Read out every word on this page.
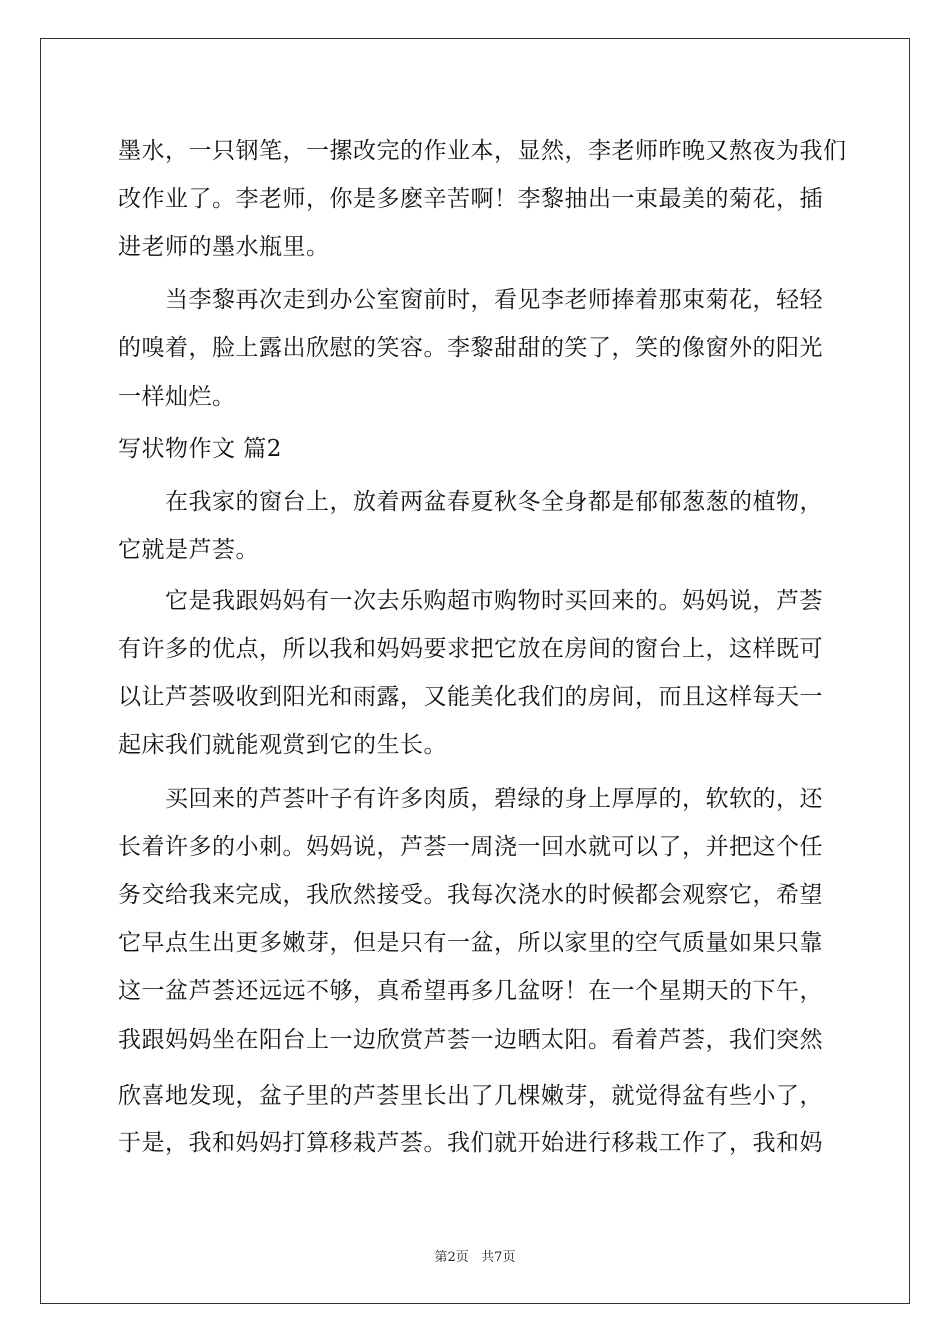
墨水，一只钢笔，一摞改完的作业本，显然，李老师昨晚又熬夜为我们
改作业了。李老师，你是多麽辛苦啊！李黎抽出一束最美的菊花，插
进老师的墨水瓶里。
当李黎再次走到办公室窗前时，看见李老师捧着那束菊花，轻轻
的嗅着，脸上露出欣慰的笑容。李黎甜甜的笑了，笑的像窗外的阳光
一样灿烂。
写状物作文 篇2
在我家的窗台上，放着两盆春夏秋冬全身都是郁郁葱葱的植物，
它就是芦荟。
它是我跟妈妈有一次去乐购超市购物时买回来的。妈妈说，芦荟
有许多的优点，所以我和妈妈要求把它放在房间的窗台上，这样既可
以让芦荟吸收到阳光和雨露，又能美化我们的房间，而且这样每天一
起床我们就能观赏到它的生长。
买回来的芦荟叶子有许多肉质，碧绿的身上厚厚的，软软的，还
长着许多的小刺。妈妈说，芦荟一周浇一回水就可以了，并把这个任
务交给我来完成，我欣然接受。我每次浇水的时候都会观察它，希望
它早点生出更多嫩芽，但是只有一盆，所以家里的空气质量如果只靠
这一盆芦荟还远远不够，真希望再多几盆呀！在一个星期天的下午，
我跟妈妈坐在阳台上一边欣赏芦荟一边晒太阳。看着芦荟，我们突然
欣喜地发现，盆子里的芦荟里长出了几棵嫩芽，就觉得盆有些小了，
于是，我和妈妈打算移栽芦荟。我们就开始进行移栽工作了，我和妈
第2页   共7页
